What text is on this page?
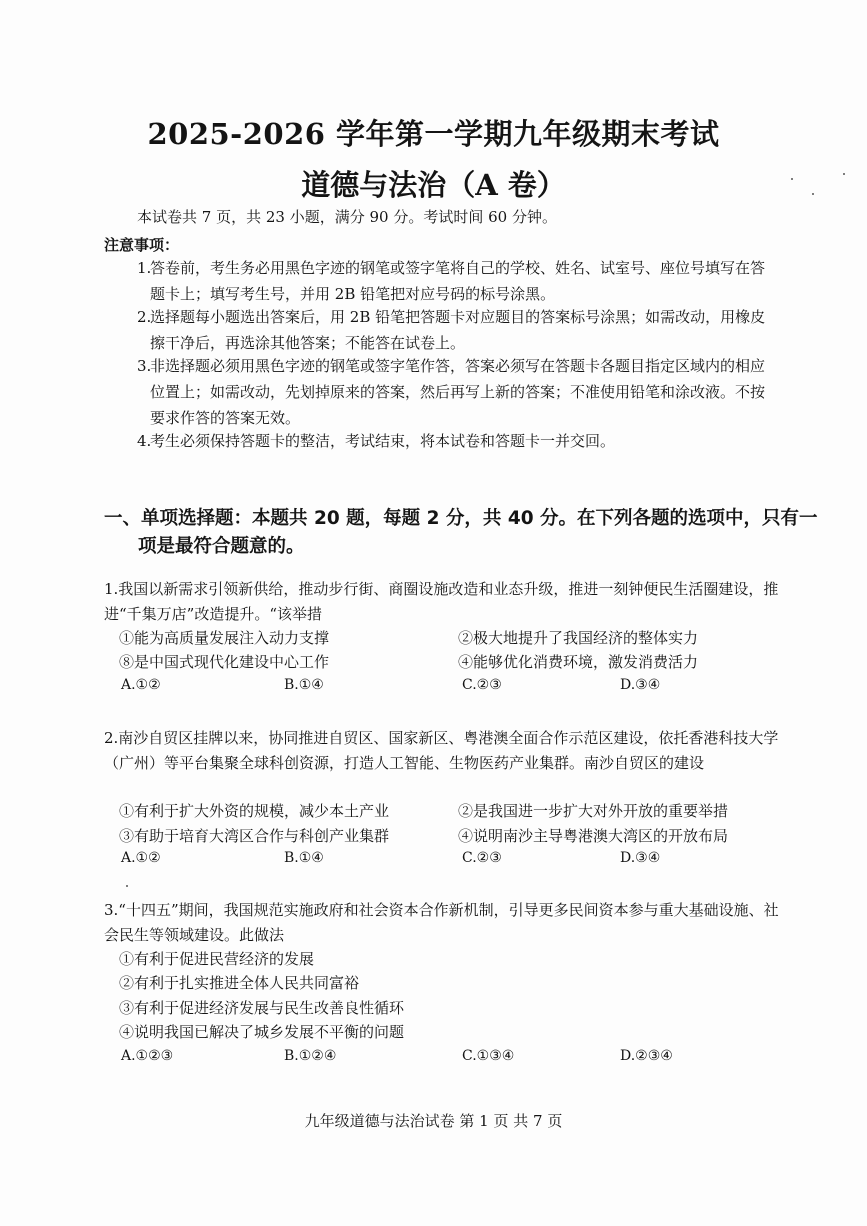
2025-2026 学年第一学期九年级期末考试
道德与法治（A 卷）
本试卷共 7 页，共 23 小题，满分 90 分。考试时间 60 分钟。
注意事项：
1.
答卷前，考生务必用黑色字迹的钢笔或签字笔将自己的学校、姓名、试室号、座位号填写在答题卡上；填写考生号，并用 2B 铅笔把对应号码的标号涂黑。
2.
选择题每小题选出答案后，用 2B 铅笔把答题卡对应题目的答案标号涂黑；如需改动，用橡皮擦干净后，再选涂其他答案；不能答在试卷上。
3.
非选择题必须用黑色字迹的钢笔或签字笔作答，答案必须写在答题卡各题目指定区域内的相应位置上；如需改动，先划掉原来的答案，然后再写上新的答案；不准使用铅笔和涂改液。不按要求作答的答案无效。
4.
考生必须保持答题卡的整洁，考试结束，将本试卷和答题卡一并交回。
一、单项选择题：本题共 20 题，每题 2 分，共 40 分。在下列各题的选项中，只有一项是最符合题意的。
1.我国以新需求引领新供给，推动步行街、商圈设施改造和业态升级，推进一刻钟便民生活圈建设，推进“千集万店”改造提升。“该举措
①能为高质量发展注入动力支撑	②极大地提升了我国经济的整体实力
⑧是中国式现代化建设中心工作	④能够优化消费环境，激发消费活力
A.①②	B.①④	C.②③	D.③④
2.南沙自贸区挂牌以来，协同推进自贸区、国家新区、粤港澳全面合作示范区建设，依托香港科技大学（广州）等平台集聚全球科创资源，打造人工智能、生物医药产业集群。南沙自贸区的建设
①有利于扩大外资的规模，减少本土产业	②是我国进一步扩大对外开放的重要举措
③有助于培育大湾区合作与科创产业集群	④说明南沙主导粤港澳大湾区的开放布局
A.①②	B.①④	C.②③	D.③④
3.“十四五”期间，我国规范实施政府和社会资本合作新机制，引导更多民间资本参与重大基础设施、社会民生等领域建设。此做法
①有利于促进民营经济的发展
②有利于扎实推进全体人民共同富裕
③有利于促进经济发展与民生改善良性循环
④说明我国已解决了城乡发展不平衡的问题
A.①②③	B.①②④	C.①③④	D.②③④
九年级道德与法治试卷 第 1 页 共 7 页
